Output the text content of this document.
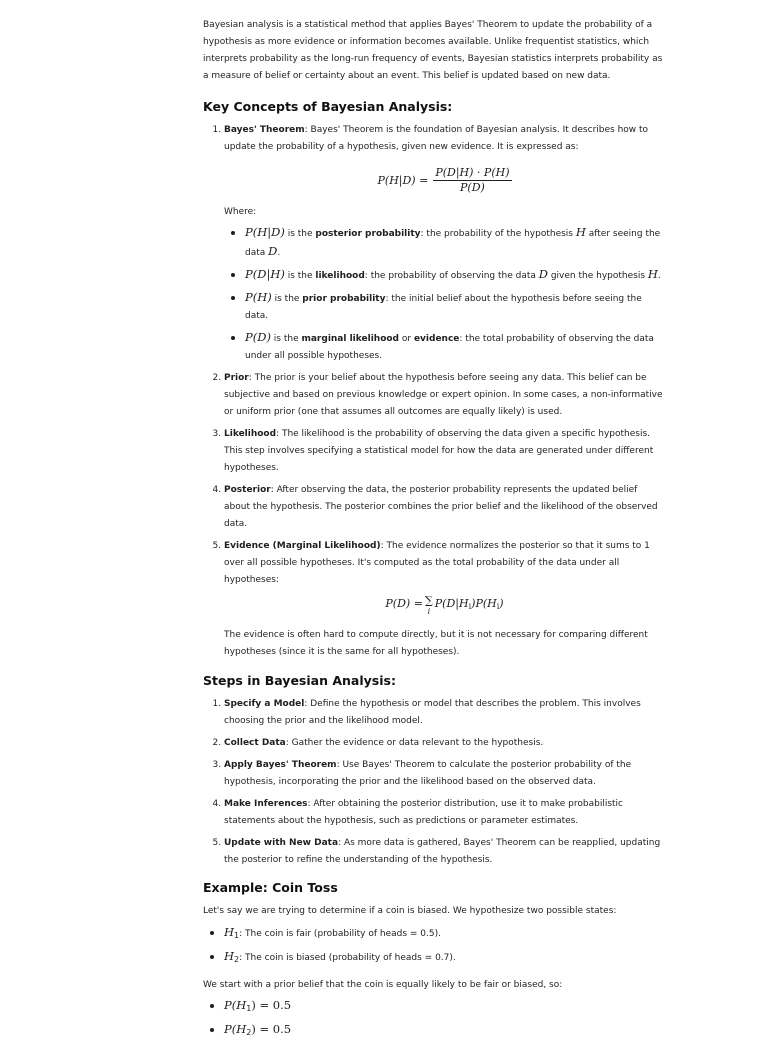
Bayesian analysis is a statistical method that applies Bayes' Theorem to update the probability of a hypothesis as more evidence or information becomes available. Unlike frequentist statistics, which interprets probability as the long-run frequency of events, Bayesian statistics interprets probability as a measure of belief or certainty about an event. This belief is updated based on new data.

Key Concepts of Bayesian Analysis:
1. Bayes' Theorem: Bayes' Theorem is the foundation of Bayesian analysis. It describes how to update the probability of a hypothesis, given new evidence. It is expressed as:
$P(H|D) = \frac{P(D|H) \cdot P(H)}{P(D)}$

Where:

P(H|D) is the posterior probability: the probability of the hypothesis H after seeing the data D.
P(D|H) is the likelihood: the probability of observing the data D given the hypothesis H.
P(H) is the prior probability: the initial belief about the hypothesis before seeing the data.
P(D) is the marginal likelihood or evidence: the total probability of observing the data under all possible hypotheses.
2. Prior: The prior is your belief about the hypothesis before seeing any data. This belief can be subjective and based on previous knowledge or expert opinion. In some cases, a non-informative or uniform prior (one that assumes all outcomes are equally likely) is used.
3. Likelihood: The likelihood is the probability of observing the data given a specific hypothesis. This step involves specifying a statistical model for how the data are generated under different hypotheses.
4. Posterior: After observing the data, the posterior probability represents the updated belief about the hypothesis. The posterior combines the prior belief and the likelihood of the observed data.
5. Evidence (Marginal Likelihood): The evidence normalizes the posterior so that it sums to 1 over all possible hypotheses. It's computed as the total probability of the data under all hypotheses:
P(D) = ∑
i
P(D|Hi)P(Hi)

The evidence is often hard to compute directly, but it is not necessary for comparing different hypotheses (since it is the same for all hypotheses).

Steps in Bayesian Analysis:
1. Specify a Model: Define the hypothesis or model that describes the problem. This involves choosing the prior and the likelihood model.
2. Collect Data: Gather the evidence or data relevant to the hypothesis.
3. Apply Bayes' Theorem: Use Bayes' Theorem to calculate the posterior probability of the hypothesis, incorporating the prior and the likelihood based on the observed data.
4. Make Inferences: After obtaining the posterior distribution, use it to make probabilistic statements about the hypothesis, such as predictions or parameter estimates.
5. Update with New Data: As more data is gathered, Bayes' Theorem can be reapplied, updating the posterior to refine the understanding of the hypothesis.
Example: Coin Toss

Let's say we are trying to determine if a coin is biased. We hypothesize two possible states:

H1: The coin is fair (probability of heads = 0.5).
H2: The coin is biased (probability of heads = 0.7).

We start with a prior belief that the coin is equally likely to be fair or biased, so:

P(H1) = 0.5
P(H2) = 0.5
